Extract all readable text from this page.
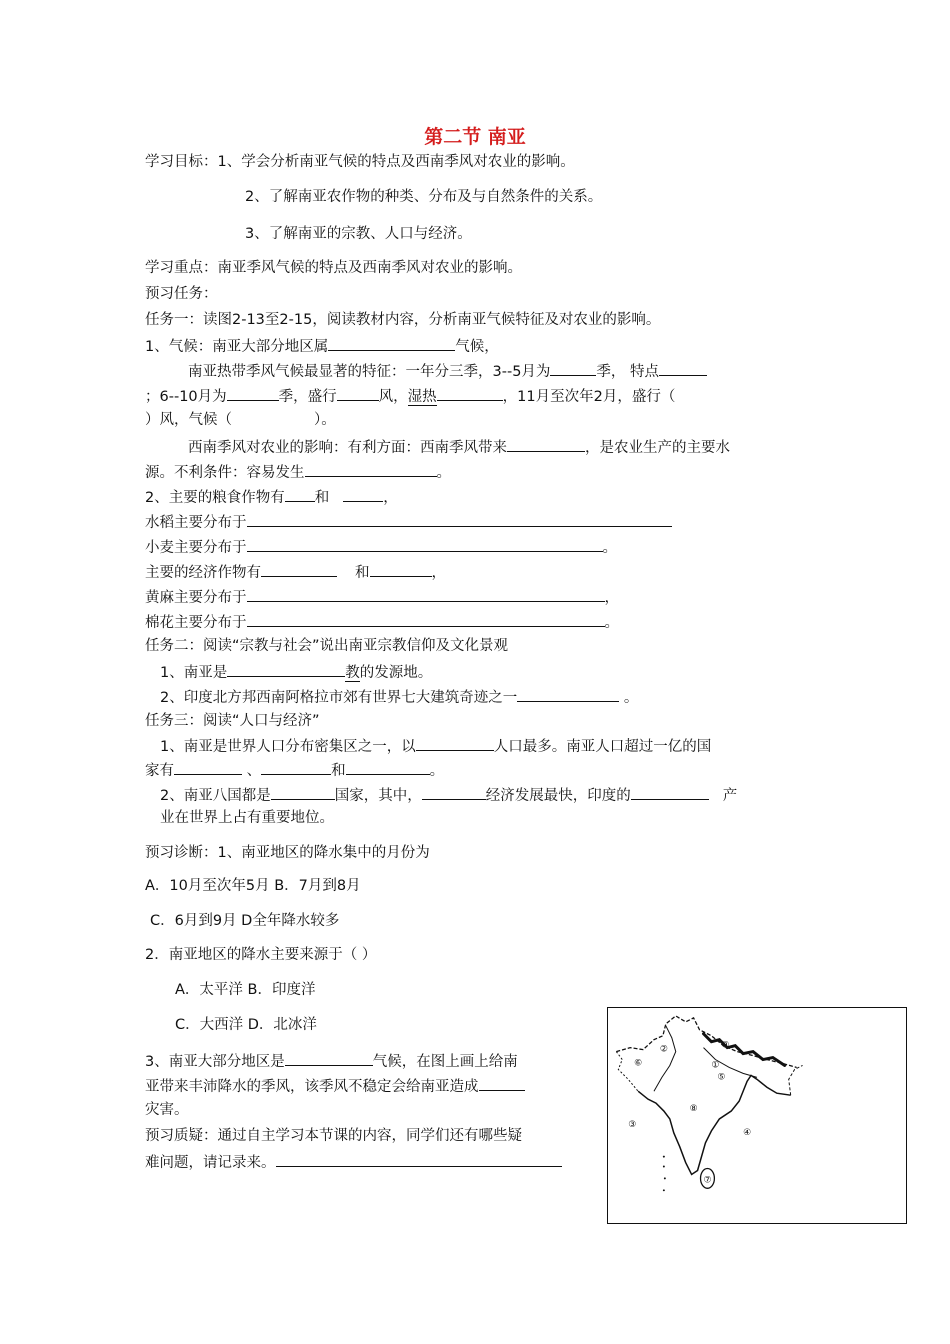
第二节 南亚
学习目标：1、学会分析南亚气候的特点及西南季风对农业的影响。
2、了解南亚农作物的种类、分布及与自然条件的关系。
3、了解南亚的宗教、人口与经济。
学习重点：南亚季风气候的特点及西南季风对农业的影响。
预习任务：
任务一：读图2-13至2-15，阅读教材内容，分析南亚气候特征及对农业的影响。
1、气候：南亚大部分地区属	气候，
南亚热带季风气候最显著的特征：一年分三季，3--5月为	季， 特点
；6--10月为	季，盛行	风，湿热	，11月至次年2月，盛行（
）风，气候（	）。
西南季风对农业的影响：有利方面：西南季风带来	，是农业生产的主要水
源。不利条件：容易发生	。
2、主要的粮食作物有 和	，
水稻主要分布于
小麦主要分布于	。
主要的经济作物有	和	，
黄麻主要分布于	，
棉花主要分布于	。
任务二：阅读“宗教与社会”说出南亚宗教信仰及文化景观
1、南亚是	教的发源地。
2、印度北方邦西南阿格拉市郊有世界七大建筑奇迹之一	。
任务三：阅读“人口与经济”
1、南亚是世界人口分布密集区之一，以	人口最多。南亚人口超过一亿的国
家有	、	和	。
2、南亚八国都是	国家，其中，	经济发展最快，印度的	产
业在世界上占有重要地位。
预习诊断：1、南亚地区的降水集中的月份为
A．10月至次年5月 B．7月到8月
C．6月到9月 D全年降水较多
2．南亚地区的降水主要来源于（ ）
A．太平洋 B．印度洋
C．大西洋 D．北冰洋
3、南亚大部分地区是	气候，在图上画上给南
亚带来丰沛降水的季风，该季风不稳定会给南亚造成
灾害。
预习质疑：通过自主学习本节课的内容，同学们还有哪些疑
难问题，请记录来。
②
⑥	①
⑤
⑨
⑧
③
④
⑦
